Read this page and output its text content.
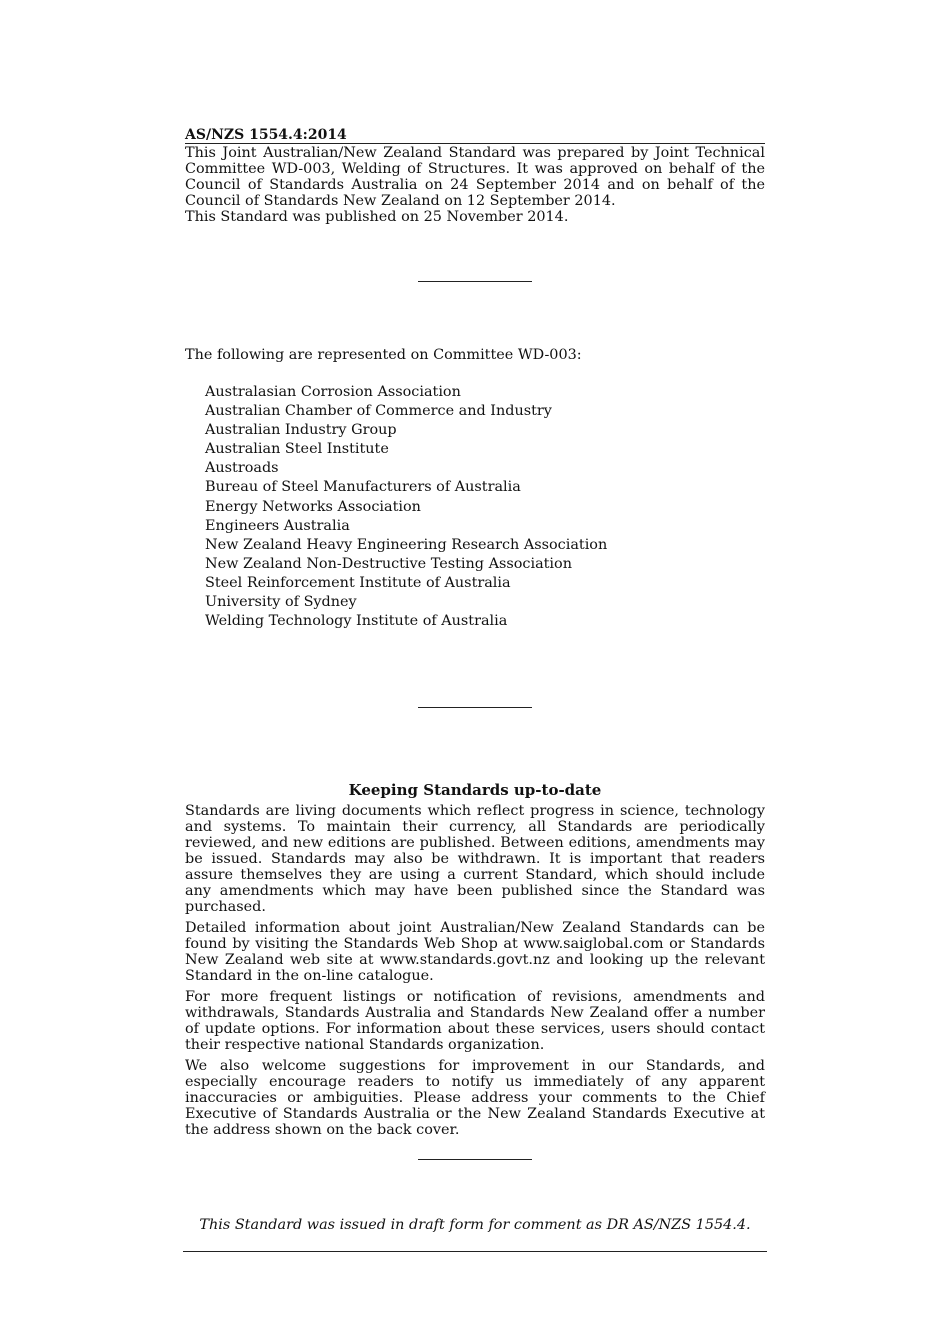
AS/NZS 1554.4:2014

This Joint Australian/New Zealand Standard was prepared by Joint Technical Committee WD-003, Welding of Structures. It was approved on behalf of the Council of Standards Australia on 24 September 2014 and on behalf of the Council of Standards New Zealand on 12 September 2014.

This Standard was published on 25 November 2014.

The following are represented on Committee WD-003:

Australasian Corrosion Association
Australian Chamber of Commerce and Industry
Australian Industry Group
Australian Steel Institute
Austroads
Bureau of Steel Manufacturers of Australia
Energy Networks Association
Engineers Australia
New Zealand Heavy Engineering Research Association
New Zealand Non-Destructive Testing Association
Steel Reinforcement Institute of Australia
University of Sydney
Welding Technology Institute of Australia
Keeping Standards up-to-date

Standards are living documents which reflect progress in science, technology and systems. To maintain their currency, all Standards are periodically reviewed, and new editions are published. Between editions, amendments may be issued. Standards may also be withdrawn. It is important that readers assure themselves they are using a current Standard, which should include any amendments which may have been published since the Standard was purchased.

Detailed information about joint Australian/New Zealand Standards can be found by visiting the Standards Web Shop at www.saiglobal.com or Standards New Zealand web site at www.standards.govt.nz and looking up the relevant Standard in the on-line catalogue.

For more frequent listings or notification of revisions, amendments and withdrawals, Standards Australia and Standards New Zealand offer a number of update options. For information about these services, users should contact their respective national Standards organization.

We also welcome suggestions for improvement in our Standards, and especially encourage readers to notify us immediately of any apparent inaccuracies or ambiguities. Please address your comments to the Chief Executive of Standards Australia or the New Zealand Standards Executive at the address shown on the back cover.

This Standard was issued in draft form for comment as DR AS/NZS 1554.4.
